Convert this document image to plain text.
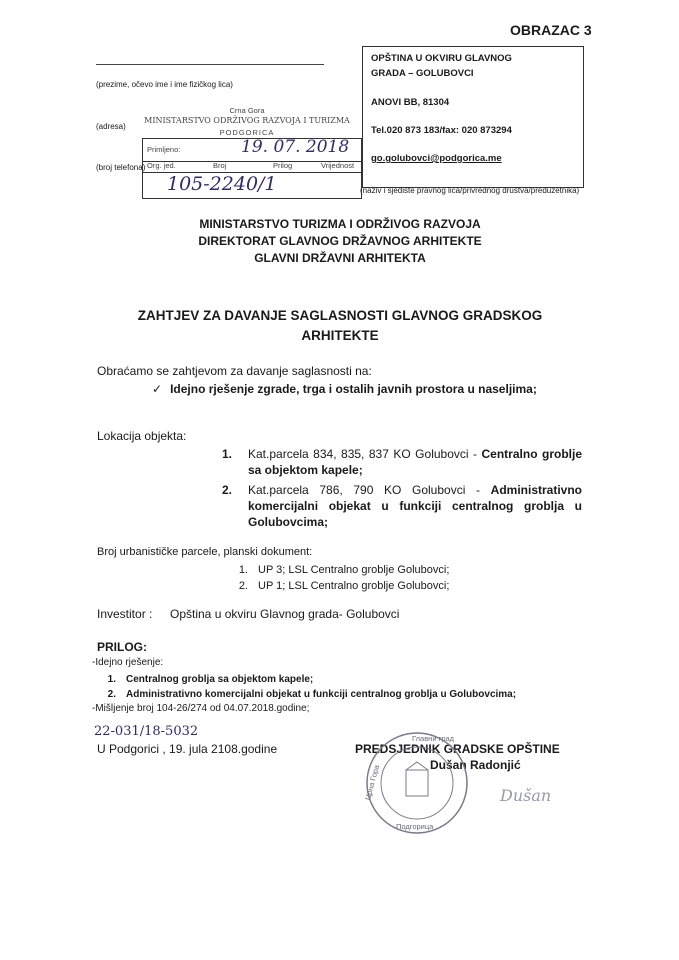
OBRAZAC 3
OPŠTINA U OKVIRU GLAVNOG
GRADA – GOLUBOVCI
ANOVI BB, 81304
Tel.020 873 183/fax: 020 873294
go.golubovci@podgorica.me
(prezime, očevo ime i ime fizičkog lica)
(adresa)
(broj telefona)
(naziv i sjedište pravnog lica/privrednog društva/preduzetnika)
Crna Gora
MINISTARSTVO ODRŽIVOG RAZVOJA I TURIZMA
PODGORICA
Primljeno:	19. 07. 2018
Org. jed.	Broj	Prilog	Vrijednost
105-2240/1
MINISTARSTVO TURIZMA I ODRŽIVOG RAZVOJA
DIREKTORAT GLAVNOG DRŽAVNOG ARHITEKTE
GLAVNI DRŽAVNI ARHITEKTA
ZAHTJEV ZA DAVANJE SAGLASNOSTI GLAVNOG GRADSKOG
ARHITEKTE
Obraćamo se zahtjevom za davanje saglasnosti na:
✓ Idejno rješenje zgrade, trga i ostalih javnih prostora u naseljima;
Lokacija objekta:
1. Kat.parcela 834, 835, 837 KO Golubovci - Centralno groblje sa objektom kapele;
2. Kat.parcela 786, 790 KO Golubovci - Administrativno komercijalni objekat u funkciji centralnog groblja u Golubovcima;
Broj urbanističke parcele, planski dokument:
1. UP 3; LSL Centralno groblje Golubovci;
2. UP 1; LSL Centralno groblje Golubovci;
Investitor : Opština u okviru Glavnog grada- Golubovci
PRILOG:
-Idejno rješenje:
1. Centralnog groblja sa objektom kapele;
2. Administrativno komercijalni objekat u funkciji centralnog groblja u Golubovcima;
-Mišljenje broj 104-26/274 od 04.07.2018.godine;
22-031/18-5032
U Podgorici , 19. jula 2108.godine	PREDSJEDNIK GRADSKE OPŠTINE
Dušan Radonjić
Главни град
Црна Гора
Подгорица
Dušan
